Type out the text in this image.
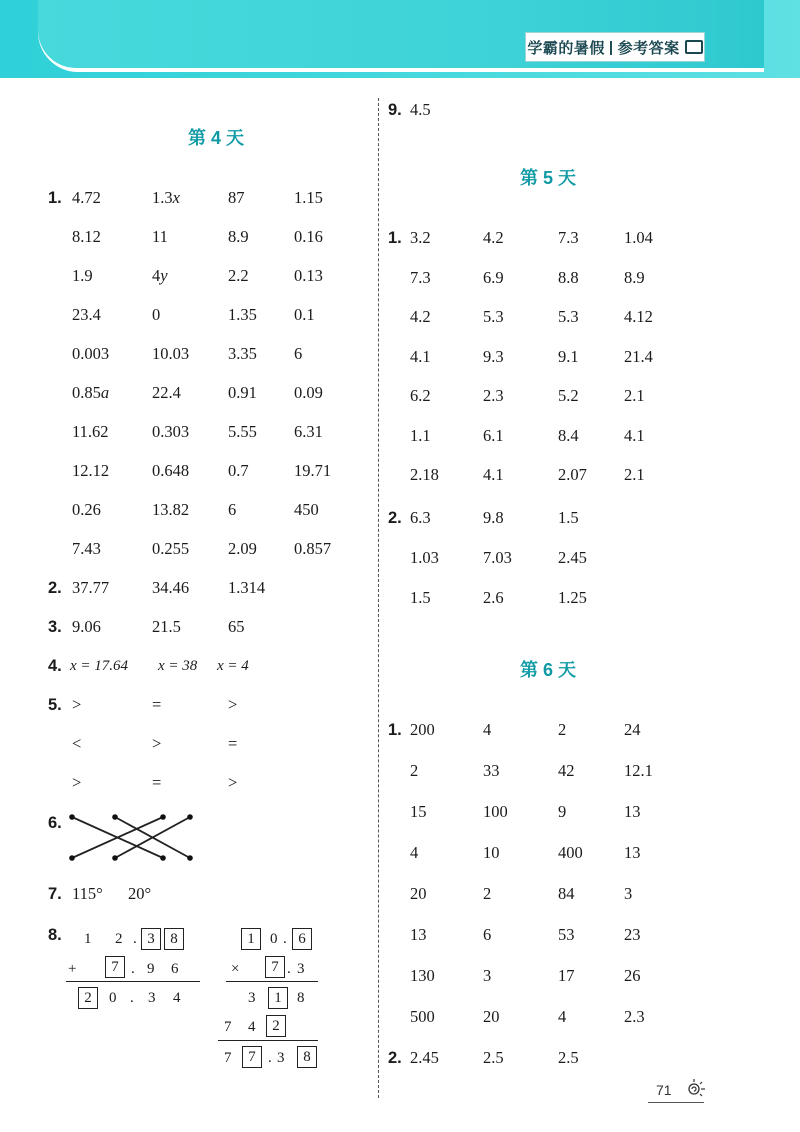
学霸的暑假 | 参考答案
第 4 天
1. 4.72	1.3x	87	1.15
8.12	11	8.9	0.16
1.9	4y	2.2	0.13
23.4	0	1.35 0.1
0.003	10.03 3.35 6
0.85a	22.4	0.91 0.09
11.62	0.303 5.55 6.31
12.12	0.648 0.7	19.71
0.26	13.82 6	450
7.43	0.255 2.09 0.857
2. 37.77	34.46 1.314
3. 9.06	21.5	65
4. x = 17.64 x = 38 x = 4
5. >	=	>
<	>	=
>	=	>
6.
7. 115° 20°
8. 1 2 . 3	8
+	7 . 9 6
2	0 . 3 4
1	0 . 6
×	7 . 3
3	1	8
7 4	2
7	7 . 3	8
9. 4.5
第 5 天
1. 3.2	4.2	7.3	1.04
7.3	6.9	8.8	8.9
4.2	5.3	5.3	4.12
4.1	9.3	9.1	21.4
6.2	2.3	5.2	2.1
1.1	6.1	8.4	4.1
2.18	4.1	2.07 2.1
2. 6.3	9.8	1.5
1.03	7.03	2.45
1.5	2.6	1.25
第 6 天
1. 200	4	2	24
2	33	42	12.1
15	100	9	13
4	10	400	13
20	2	84	3
13	6	53	23
130	3	17	26
500	20	4	2.3
2. 2.45	2.5	2.5
71
